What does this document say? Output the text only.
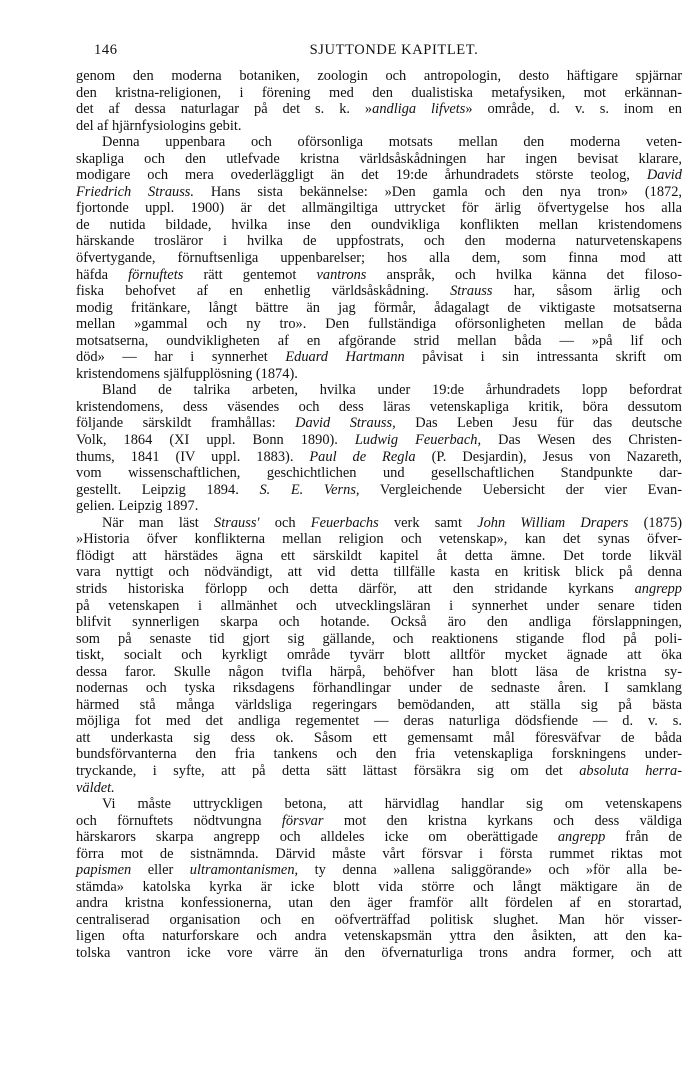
146	SJUTTONDE KAPITLET.
genom den moderna botaniken, zoologin och antropologin, desto häftigare spjärnar
den kristna-religionen, i förening med den dualistiska metafysiken, mot erkännan-
det af dessa naturlagar på det s. k. »andliga lifvets» område, d. v. s. inom en
del af hjärnfysiologins gebit.
Denna uppenbara och oförsonliga motsats mellan den moderna veten-
skapliga och den utlefvade kristna världsåskådningen har ingen bevisat klarare,
modigare och mera ovederläggligt än det 19:de århundradets störste teolog, David
Friedrich Strauss. Hans sista bekännelse: »Den gamla och den nya tron» (1872,
fjortonde uppl. 1900) är det allmängiltiga uttrycket för ärlig öfvertygelse hos alla
de nutida bildade, hvilka inse den oundvikliga konflikten mellan kristendomens
härskande trosläror i hvilka de uppfostrats, och den moderna naturvetenskapens
öfvertygande, förnuftsenliga uppenbarelser; hos alla dem, som finna mod att
häfda förnuftets rätt gentemot vantrons anspråk, och hvilka känna det filoso-
fiska behofvet af en enhetlig världsåskådning. Strauss har, såsom ärlig och
modig fritänkare, långt bättre än jag förmår, ådagalagt de viktigaste motsatserna
mellan »gammal och ny tro». Den fullständiga oförsonligheten mellan de båda
motsatserna, oundvikligheten af en afgörande strid mellan båda — »på lif och
död» — har i synnerhet Eduard Hartmann påvisat i sin intressanta skrift om
kristendomens själfupplösning (1874).
Bland de talrika arbeten, hvilka under 19:de århundradets lopp befordrat
kristendomens, dess väsendes och dess läras vetenskapliga kritik, böra dessutom
följande särskildt framhållas: David Strauss, Das Leben Jesu für das deutsche
Volk, 1864 (XI uppl. Bonn 1890). Ludwig Feuerbach, Das Wesen des Christen-
thums, 1841 (IV uppl. 1883). Paul de Regla (P. Desjardin), Jesus von Nazareth,
vom wissenschaftlichen, geschichtlichen und gesellschaftlichen Standpunkte dar-
gestellt. Leipzig 1894. S. E. Verns, Vergleichende Uebersicht der vier Evan-
gelien. Leipzig 1897.
När man läst Strauss' och Feuerbachs verk samt John William Drapers (1875)
»Historia öfver konflikterna mellan religion och vetenskap», kan det synas öfver-
flödigt att härstädes ägna ett särskildt kapitel åt detta ämne. Det torde likväl
vara nyttigt och nödvändigt, att vid detta tillfälle kasta en kritisk blick på denna
strids historiska förlopp och detta därför, att den stridande kyrkans angrepp
på vetenskapen i allmänhet och utvecklingsläran i synnerhet under senare tiden
blifvit synnerligen skarpa och hotande. Också äro den andliga förslappningen,
som på senaste tid gjort sig gällande, och reaktionens stigande flod på poli-
tiskt, socialt och kyrkligt område tyvärr blott alltför mycket ägnade att öka
dessa faror. Skulle någon tvifla härpå, behöfver han blott läsa de kristna sy-
nodernas och tyska riksdagens förhandlingar under de sednaste åren. I samklang
härmed stå många världsliga regeringars bemödanden, att ställa sig på bästa
möjliga fot med det andliga regementet — deras naturliga dödsfiende — d. v. s.
att underkasta sig dess ok. Såsom ett gemensamt mål föresväfvar de båda
bundsförvanterna den fria tankens och den fria vetenskapliga forskningens under-
tryckande, i syfte, att på detta sätt lättast försäkra sig om det absoluta herra-
väldet.
Vi måste uttryckligen betona, att härvidlag handlar sig om vetenskapens
och förnuftets nödtvungna försvar mot den kristna kyrkans och dess väldiga
härskarors skarpa angrepp och alldeles icke om oberättigade angrepp från de
förra mot de sistnämnda. Därvid måste vårt försvar i första rummet riktas mot
papismen eller ultramontanismen, ty denna »allena saliggörande» och »för alla be-
stämda» katolska kyrka är icke blott vida större och långt mäktigare än de
andra kristna konfessionerna, utan den äger framför allt fördelen af en storartad,
centraliserad organisation och en oöfverträffad politisk slughet. Man hör visser-
ligen ofta naturforskare och andra vetenskapsmän yttra den åsikten, att den ka-
tolska vantron icke vore värre än den öfvernaturliga trons andra former, och att
